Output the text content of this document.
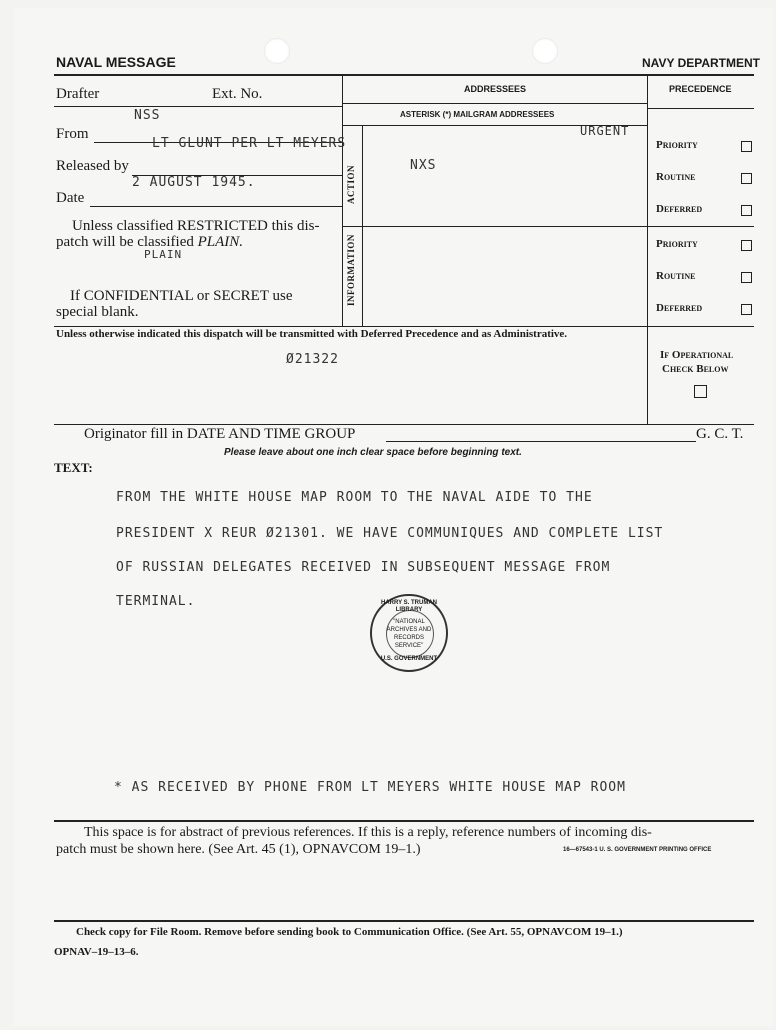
NAVAL MESSAGE	NAVY DEPARTMENT
ADDRESSEES	PRECEDENCE
ASTERISK (*) MAILGRAM ADDRESSEES
URGENT
Drafter	Ext. No.
NSS
From
LT GLUNT PER LT MEYERS
Released by
2 AUGUST 1945.
Date
Unless classified RESTRICTED this dis-
patch will be classified PLAIN.
PLAIN
If CONFIDENTIAL or SECRET use
special blank.
ACTION
INFORMATION
NXS
Priority
Routine
Deferred
Priority
Routine
Deferred
Unless otherwise indicated this dispatch will be transmitted with Deferred Precedence and as Administrative.
Ø21322	If Operational
Check Below
Originator fill in DATE AND TIME GROUP	G. C. T.
TEXT:
Please leave about one inch clear space before beginning text.
FROM THE WHITE HOUSE MAP ROOM TO THE NAVAL AIDE TO THE
PRESIDENT X REUR Ø21301. WE HAVE COMMUNIQUES AND COMPLETE LIST
OF RUSSIAN DELEGATES RECEIVED IN SUBSEQUENT MESSAGE FROM
TERMINAL.	HARRY S. TRUMAN LIBRARY
"NATIONAL ARCHIVES AND RECORDS SERVICE"
U.S. GOVERNMENT
* AS RECEIVED BY PHONE FROM LT MEYERS WHITE HOUSE MAP ROOM
This space is for abstract of previous references. If this is a reply, reference numbers of incoming dis-
patch must be shown here. (See Art. 45 (1), OPNAVCOM 19–1.)	16—67543-1 U. S. GOVERNMENT PRINTING OFFICE
Check copy for File Room. Remove before sending book to Communication Office. (See Art. 55, OPNAVCOM 19–1.)
OPNAV–19–13–6.
